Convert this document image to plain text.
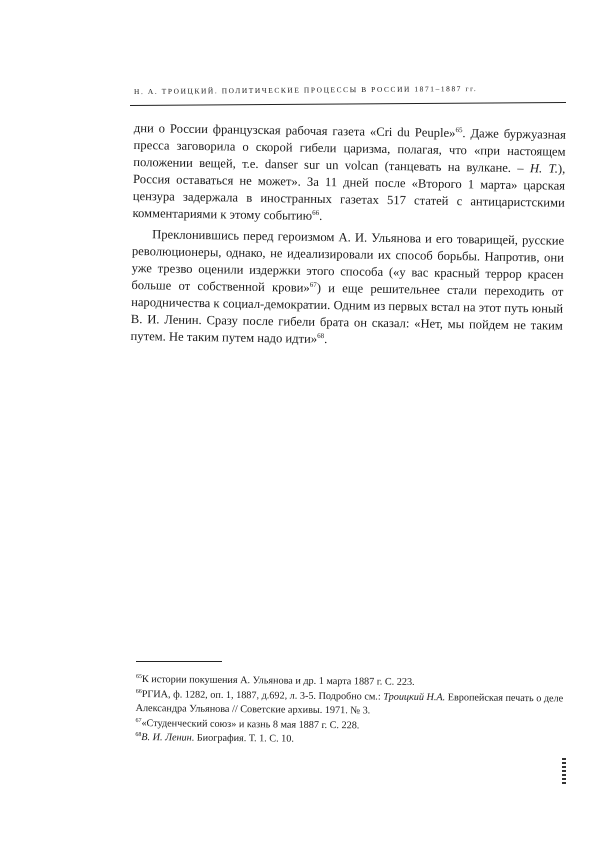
Н. А. ТРОИЦКИЙ. ПОЛИТИЧЕСКИЕ ПРОЦЕССЫ В РОССИИ 1871–1887 гг.

дни о России французская рабочая газета «Cri du Peuple»$^{65}$. Даже буржуазная пресса заговорила о скорой гибели царизма, полагая, что «при настоящем положении вещей, т.е. danser sur un volcan (танцевать на вулкане. – Н. Т.), Россия оставаться не может». За 11 дней после «Второго 1 марта» царская цензура задержала в иностранных газетах 517 статей с антицаристскими комментариями к этому событию$^{66}$.

Преклонившись перед героизмом А. И. Ульянова и его товарищей, русские революционеры, однако, не идеализировали их способ борьбы. Напротив, они уже трезво оценили издержки этого способа («у вас красный террор красен больше от собственной крови»$^{67}$) и еще решительнее стали переходить от народничества к социал-демократии. Одним из первых встал на этот путь юный В. И. Ленин. Сразу после гибели брата он сказал: «Нет, мы пойдем не таким путем. Не таким путем надо идти»$^{68}$.

$^{65}$К истории покушения А. Ульянова и др. 1 марта 1887 г. С. 223.

$^{66}$РГИА, ф. 1282, оп. 1, 1887, д.692, л. 3-5. Подробно см.: Троицкий Н.А. Европейская печать о деле Александра Ульянова // Советские архивы. 1971. № 3.

$^{67}$«Студенческий союз» и казнь 8 мая 1887 г. С. 228.

$^{68}$В. И. Ленин. Биография. Т. 1. С. 10.
